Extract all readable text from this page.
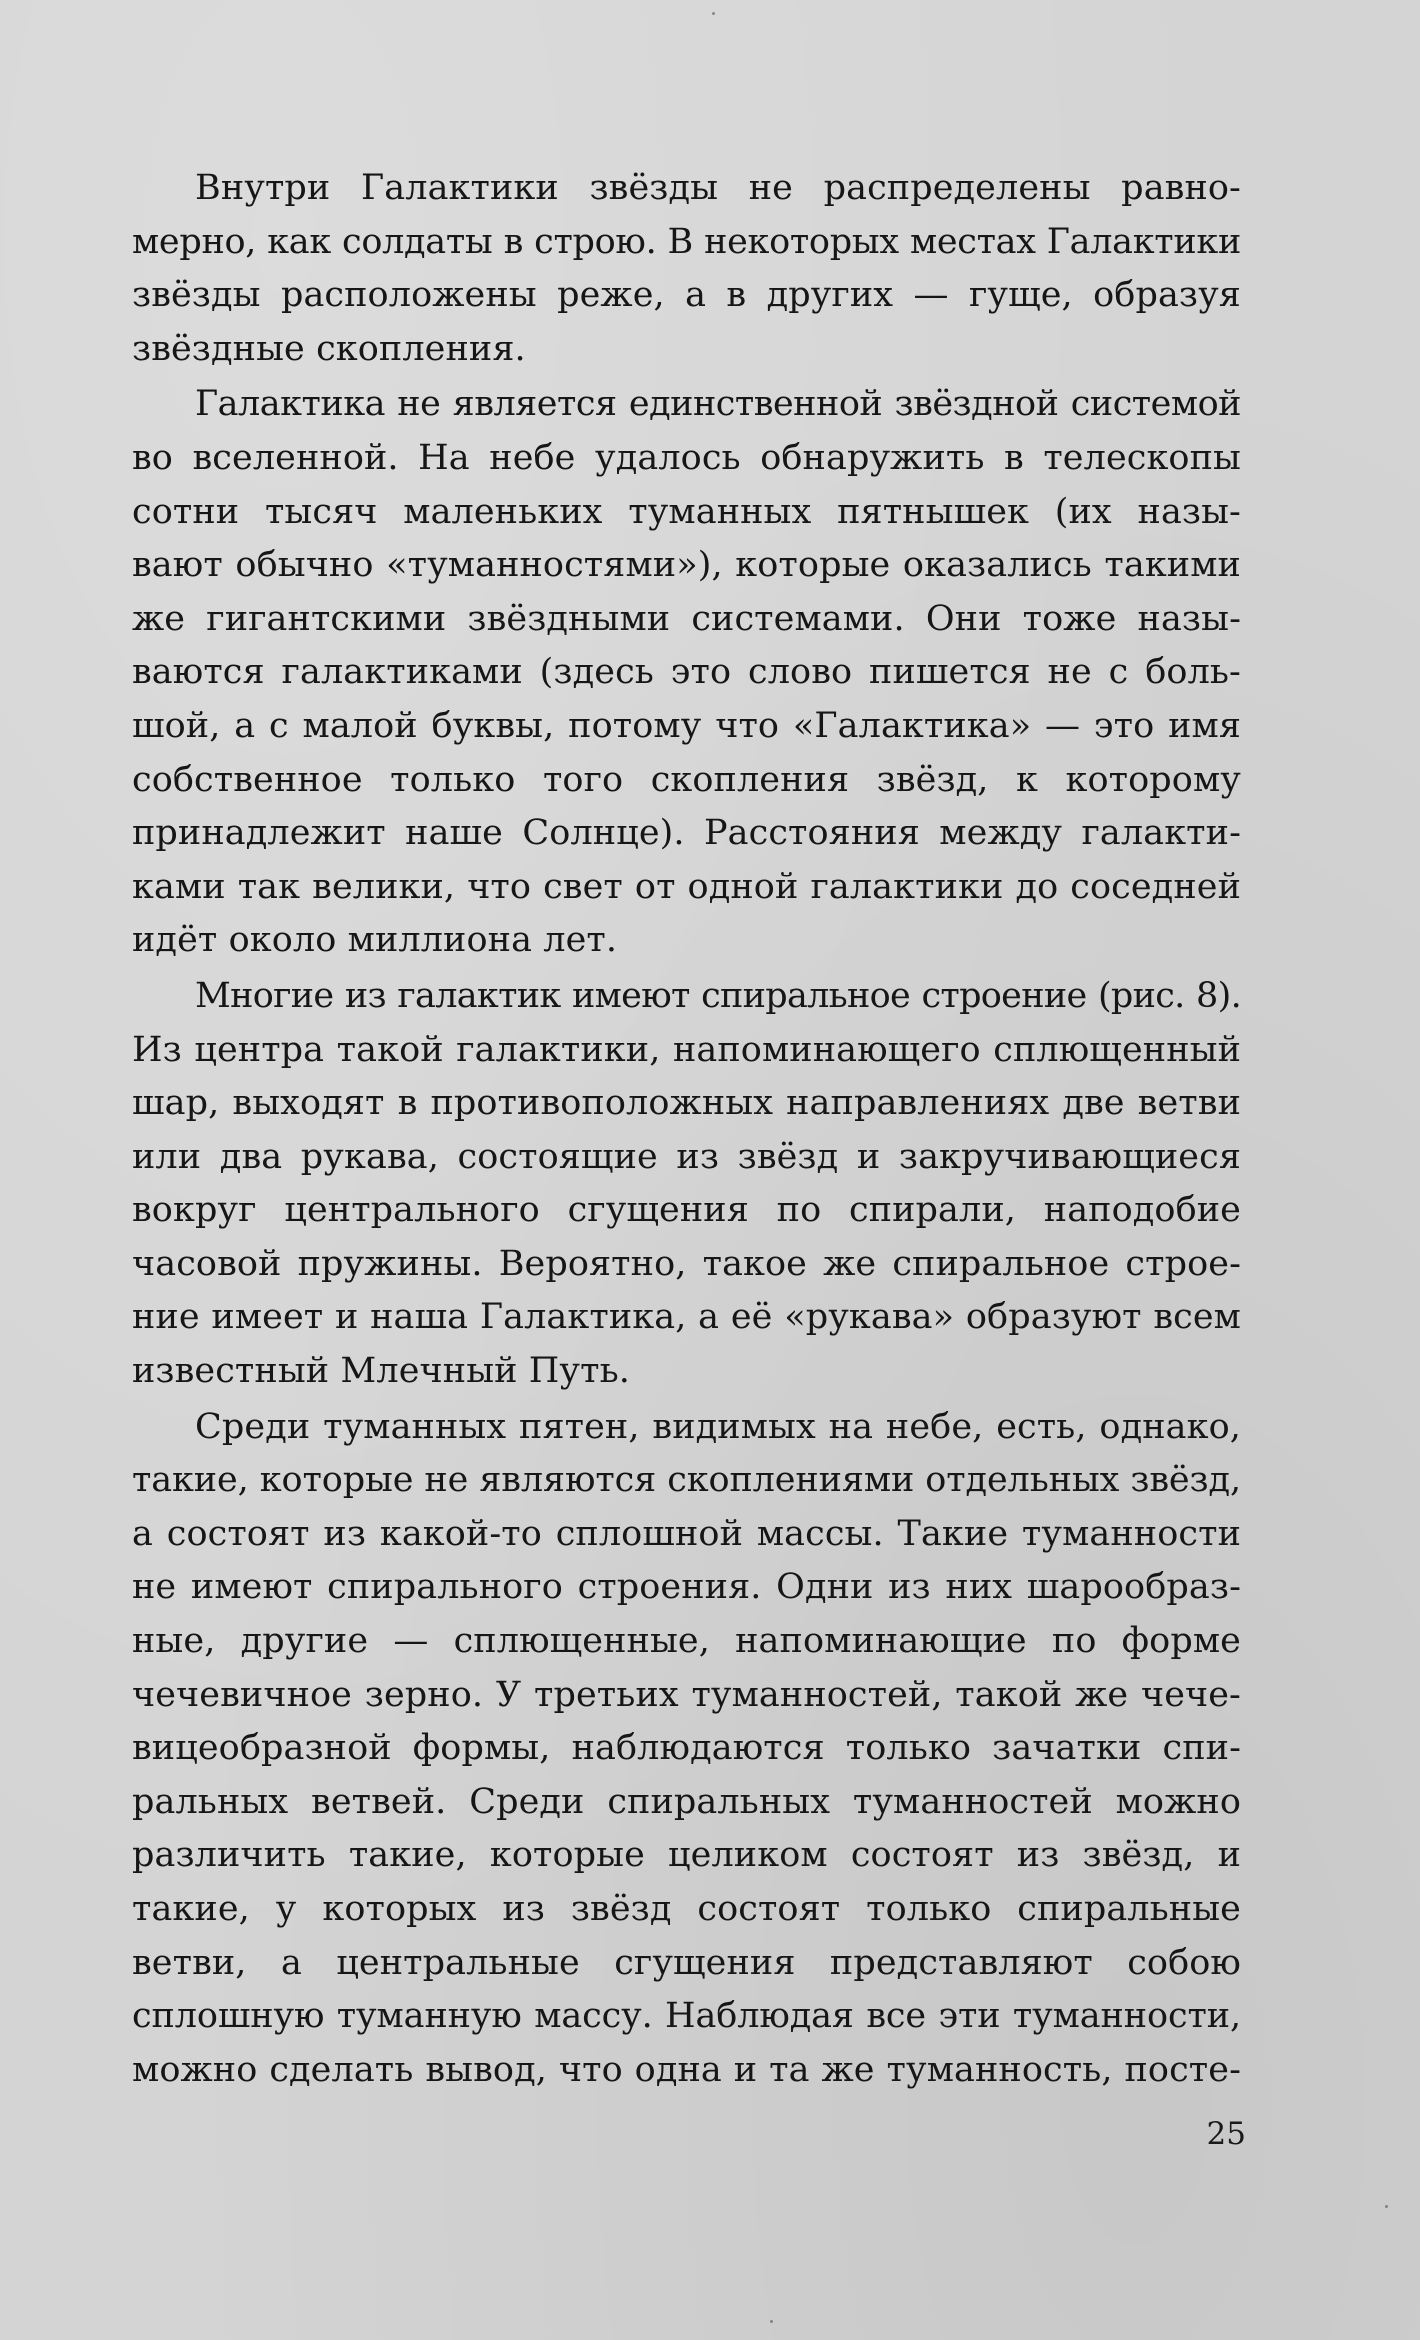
Внутри Галактики звёзды не распределены равно-
мерно, как солдаты в строю. В некоторых местах Галактики
звёзды расположены реже, а в других — гуще, образуя
звёздные скопления.
Галактика не является единственной звёздной системой
во вселенной. На небе удалось обнаружить в телескопы
сотни тысяч маленьких туманных пятнышек (их назы-
вают обычно «туманностями»), которые оказались такими
же гигантскими звёздными системами. Они тоже назы-
ваются галактиками (здесь это слово пишется не с боль-
шой, а с малой буквы, потому что «Галактика» — это имя
собственное только того скопления звёзд, к которому
принадлежит наше Солнце). Расстояния между галакти-
ками так велики, что свет от одной галактики до соседней
идёт около миллиона лет.
Многие из галактик имеют спиральное строение (рис. 8).
Из центра такой галактики, напоминающего сплющенный
шар, выходят в противоположных направлениях две ветви
или два рукава, состоящие из звёзд и закручивающиеся
вокруг центрального сгущения по спирали, наподобие
часовой пружины. Вероятно, такое же спиральное строе-
ние имеет и наша Галактика, а её «рукава» образуют всем
известный Млечный Путь.
Среди туманных пятен, видимых на небе, есть, однако,
такие, которые не являются скоплениями отдельных звёзд,
а состоят из какой-то сплошной массы. Такие туманности
не имеют спирального строения. Одни из них шарообраз-
ные, другие — сплющенные, напоминающие по форме
чечевичное зерно. У третьих туманностей, такой же чече-
вицеобразной формы, наблюдаются только зачатки спи-
ральных ветвей. Среди спиральных туманностей можно
различить такие, которые целиком состоят из звёзд, и
такие, у которых из звёзд состоят только спиральные
ветви, а центральные сгущения представляют собою
сплошную туманную массу. Наблюдая все эти туманности,
можно сделать вывод, что одна и та же туманность, посте-
25
